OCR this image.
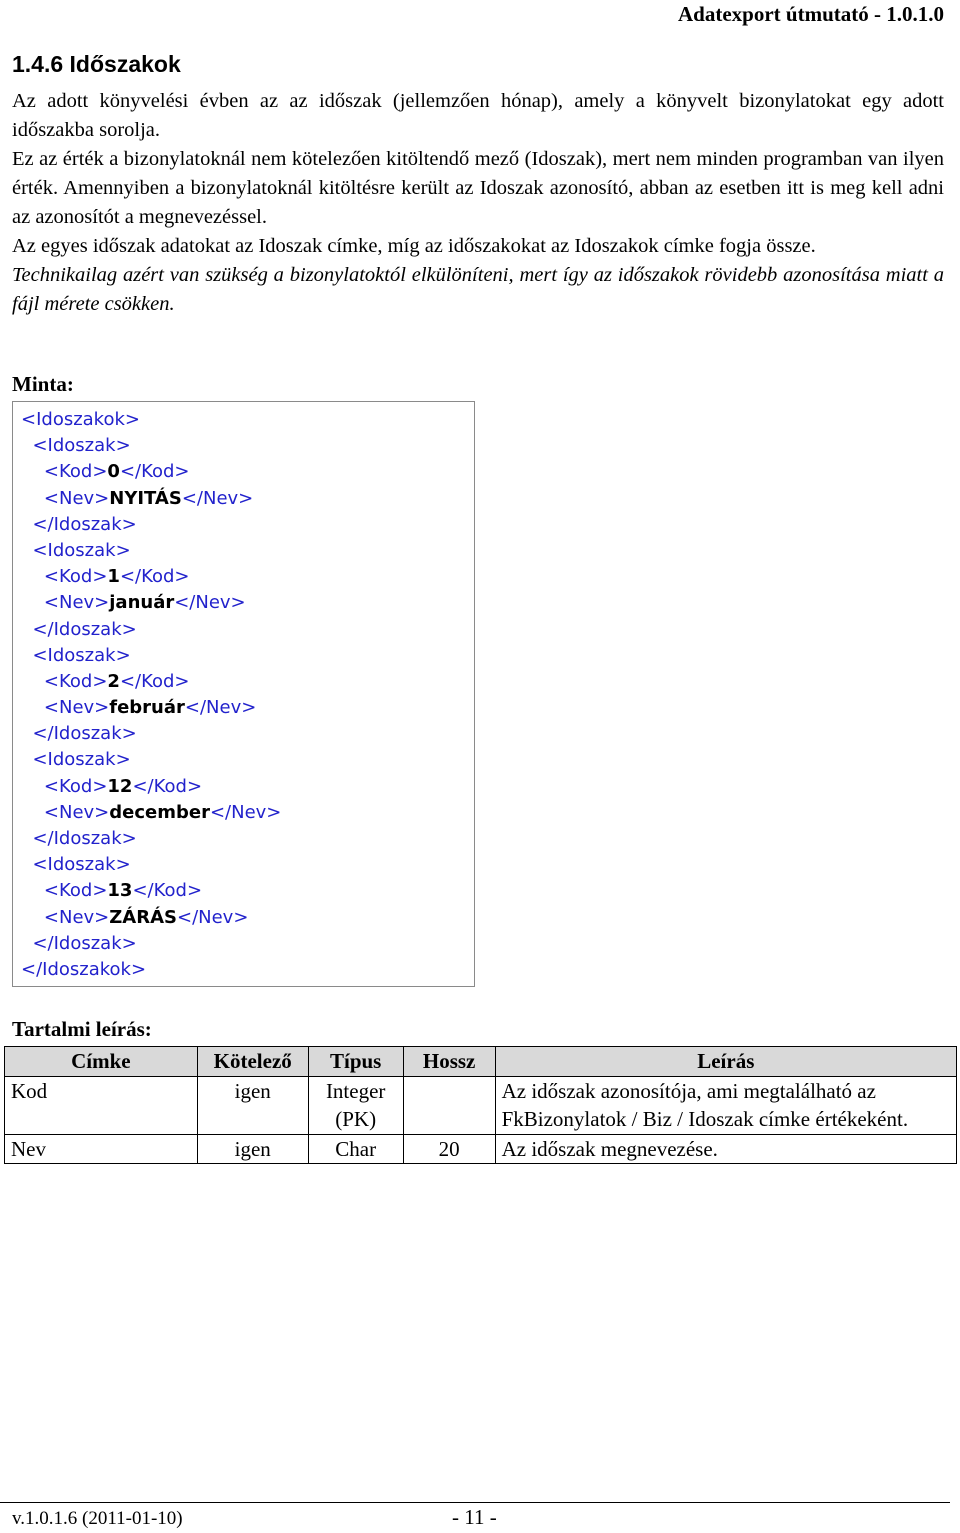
Adatexport útmutató - 1.0.1.0
1.4.6 Időszakok

Az adott könyvelési évben az az időszak (jellemzően hónap), amely a könyvelt bizonylatokat egy adott időszakba sorolja.

Ez az érték a bizonylatoknál nem kötelezően kitöltendő mező (Idoszak), mert nem minden programban van ilyen érték. Amennyiben a bizonylatoknál kitöltésre került az Idoszak azonosító, abban az esetben itt is meg kell adni az azonosítót a megnevezéssel.

Az egyes időszak adatokat az Idoszak címke, míg az időszakokat az Idoszakok címke fogja össze.

Technikailag azért van szükség a bizonylatoktól elkülöníteni, mert így az időszakok rövidebb azonosítása miatt a fájl mérete csökken.

Minta:
<Idoszakok>
<Idoszak>
<Kod>0</Kod>
<Nev>NYITÁS</Nev>
</Idoszak>
<Idoszak>
<Kod>1</Kod>
<Nev>január</Nev>
</Idoszak>
<Idoszak>
<Kod>2</Kod>
<Nev>február</Nev>
</Idoszak>
<Idoszak>
<Kod>12</Kod>
<Nev>december</Nev>
</Idoszak>
<Idoszak>
<Kod>13</Kod>
<Nev>ZÁRÁS</Nev>
</Idoszak>
</Idoszakok>
Tartalmi leírás:
Címke	Kötelező	Típus	Hossz	Leírás
Kod	igen	Integer (PK)		Az időszak azonosítója, ami megtalálható az FkBizonylatok / Biz / Idoszak címke értékeként.
Nev	igen	Char	20	Az időszak megnevezése.
v.1.0.1.6 (2011-01-10)	- 11 -
